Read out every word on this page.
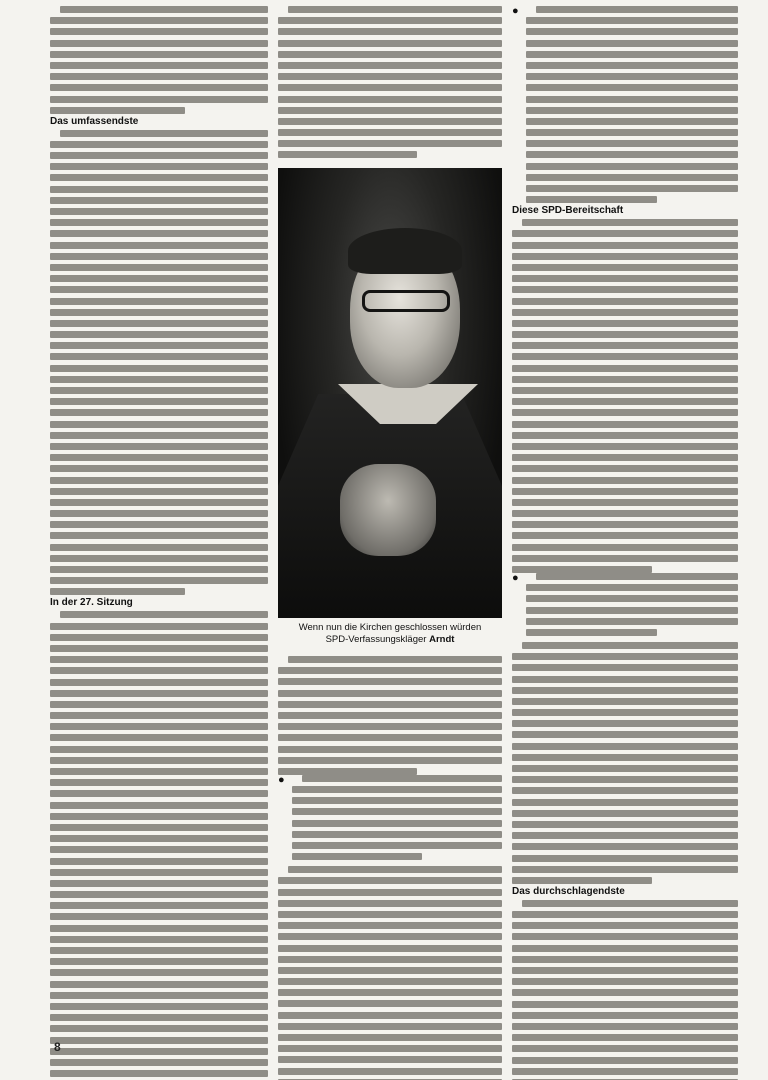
Das umfassendste
In der 27. Sitzung
Wenn nun die Kirchen geschlossen würden
SPD-Verfassungskläger Arndt
●
●
Diese SPD-Bereitschaft
●
Das durchschlagendste
8
